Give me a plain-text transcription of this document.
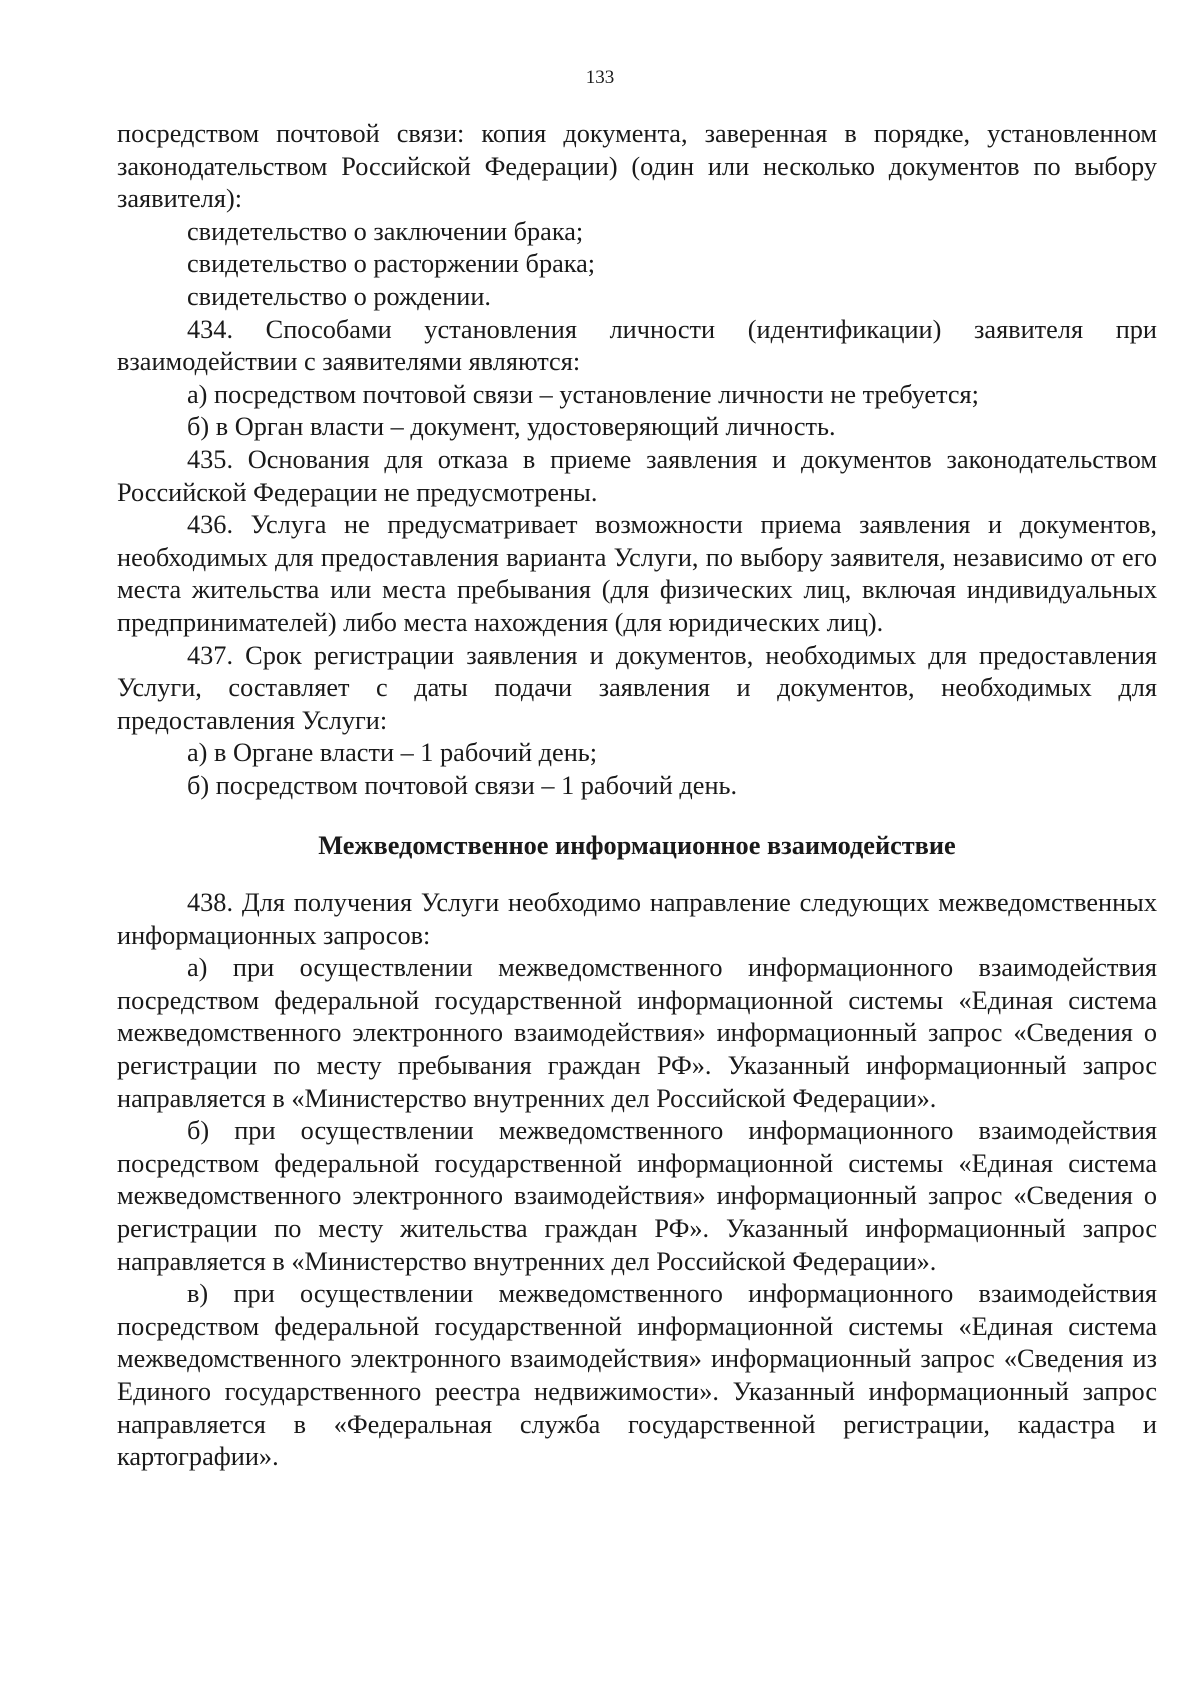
133

посредством почтовой связи: копия документа, заверенная в порядке, установленном законодательством Российской Федерации) (один или несколько документов по выбору заявителя):

свидетельство о заключении брака;

свидетельство о расторжении брака;

свидетельство о рождении.

434. Способами установления личности (идентификации) заявителя при взаимодействии с заявителями являются:

а) посредством почтовой связи – установление личности не требуется;

б) в Орган власти – документ, удостоверяющий личность.

435. Основания для отказа в приеме заявления и документов законодательством Российской Федерации не предусмотрены.

436. Услуга не предусматривает возможности приема заявления и документов, необходимых для предоставления варианта Услуги, по выбору заявителя, независимо от его места жительства или места пребывания (для физических лиц, включая индивидуальных предпринимателей) либо места нахождения (для юридических лиц).

437. Срок регистрации заявления и документов, необходимых для предоставления Услуги, составляет с даты подачи заявления и документов, необходимых для предоставления Услуги:

а) в Органе власти – 1 рабочий день;

б) посредством почтовой связи – 1 рабочий день.

Межведомственное информационное взаимодействие

438. Для получения Услуги необходимо направление следующих межведомственных информационных запросов:

а) при осуществлении межведомственного информационного взаимодействия посредством федеральной государственной информационной системы «Единая система межведомственного электронного взаимодействия» информационный запрос «Сведения о регистрации по месту пребывания граждан РФ». Указанный информационный запрос направляется в «Министерство внутренних дел Российской Федерации».

б) при осуществлении межведомственного информационного взаимодействия посредством федеральной государственной информационной системы «Единая система межведомственного электронного взаимодействия» информационный запрос «Сведения о регистрации по месту жительства граждан РФ». Указанный информационный запрос направляется в «Министерство внутренних дел Российской Федерации».

в) при осуществлении межведомственного информационного взаимодействия посредством федеральной государственной информационной системы «Единая система межведомственного электронного взаимодействия» информационный запрос «Сведения из Единого государственного реестра недвижимости». Указанный информационный запрос направляется в «Федеральная служба государственной регистрации, кадастра и картографии».
